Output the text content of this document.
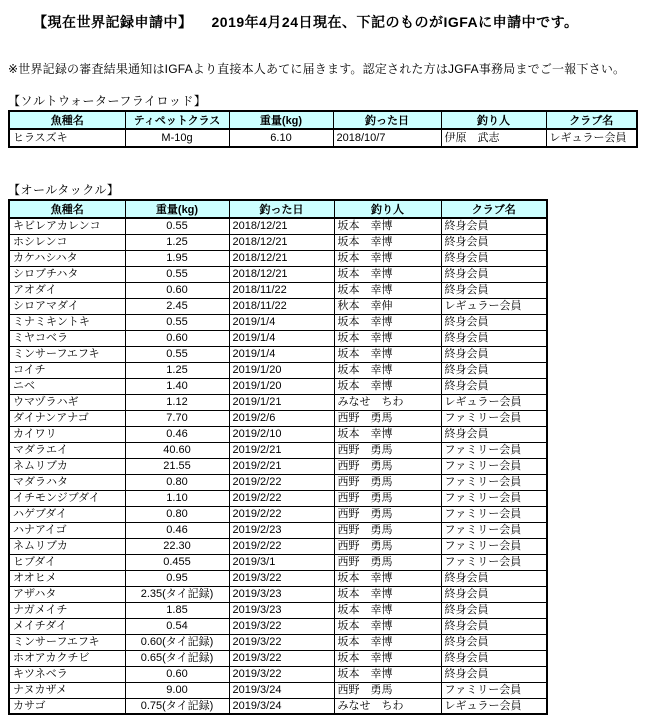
【現在世界記録申請中】 2019年4月24日現在、下記のものがIGFAに申請中です。
※世界記録の審査結果通知はIGFAより直接本人あてに届きます。認定された方はJGFA事務局までご一報下さい。
【ソルトウォーターフライロッド】
魚種名	ティペットクラス	重量(kg)	釣った日	釣り人	クラブ名
ヒラスズキ	M-10g	6.10	2018/10/7	伊原　武志	レギュラー会員
【オールタックル】
魚種名	重量(kg)	釣った日	釣り人	クラブ名
キビレアカレンコ	0.55	2018/12/21	坂本　幸博	終身会員
ホシレンコ	1.25	2018/12/21	坂本　幸博	終身会員
カケハシハタ	1.95	2018/12/21	坂本　幸博	終身会員
シロブチハタ	0.55	2018/12/21	坂本　幸博	終身会員
アオダイ	0.60	2018/11/22	坂本　幸博	終身会員
シロアマダイ	2.45	2018/11/22	秋本　幸伸	レギュラー会員
ミナミキントキ	0.55	2019/1/4	坂本　幸博	終身会員
ミヤコベラ	0.60	2019/1/4	坂本　幸博	終身会員
ミンサーフエフキ	0.55	2019/1/4	坂本　幸博	終身会員
コイチ	1.25	2019/1/20	坂本　幸博	終身会員
ニベ	1.40	2019/1/20	坂本　幸博	終身会員
ウマヅラハギ	1.12	2019/1/21	みなせ　ちわ	レギュラー会員
ダイナンアナゴ	7.70	2019/2/6	西野　勇馬	ファミリー会員
カイワリ	0.46	2019/2/10	坂本　幸博	終身会員
マダラエイ	40.60	2019/2/21	西野　勇馬	ファミリー会員
ネムリブカ	21.55	2019/2/21	西野　勇馬	ファミリー会員
マダラハタ	0.80	2019/2/22	西野　勇馬	ファミリー会員
イチモンジブダイ	1.10	2019/2/22	西野　勇馬	ファミリー会員
ハゲブダイ	0.80	2019/2/22	西野　勇馬	ファミリー会員
ハナアイゴ	0.46	2019/2/23	西野　勇馬	ファミリー会員
ネムリブカ	22.30	2019/2/22	西野　勇馬	ファミリー会員
ヒブダイ	0.455	2019/3/1	西野　勇馬	ファミリー会員
オオヒメ	0.95	2019/3/22	坂本　幸博	終身会員
アザハタ	2.35(タイ記録)	2019/3/23	坂本　幸博	終身会員
ナガメイチ	1.85	2019/3/23	坂本　幸博	終身会員
メイチダイ	0.54	2019/3/22	坂本　幸博	終身会員
ミンサーフエフキ	0.60(タイ記録)	2019/3/22	坂本　幸博	終身会員
ホオアカクチビ	0.65(タイ記録)	2019/3/22	坂本　幸博	終身会員
キツネベラ	0.60	2019/3/22	坂本　幸博	終身会員
ナヌカザメ	9.00	2019/3/24	西野　勇馬	ファミリー会員
カサゴ	0.75(タイ記録)	2019/3/24	みなせ　ちわ	レギュラー会員
